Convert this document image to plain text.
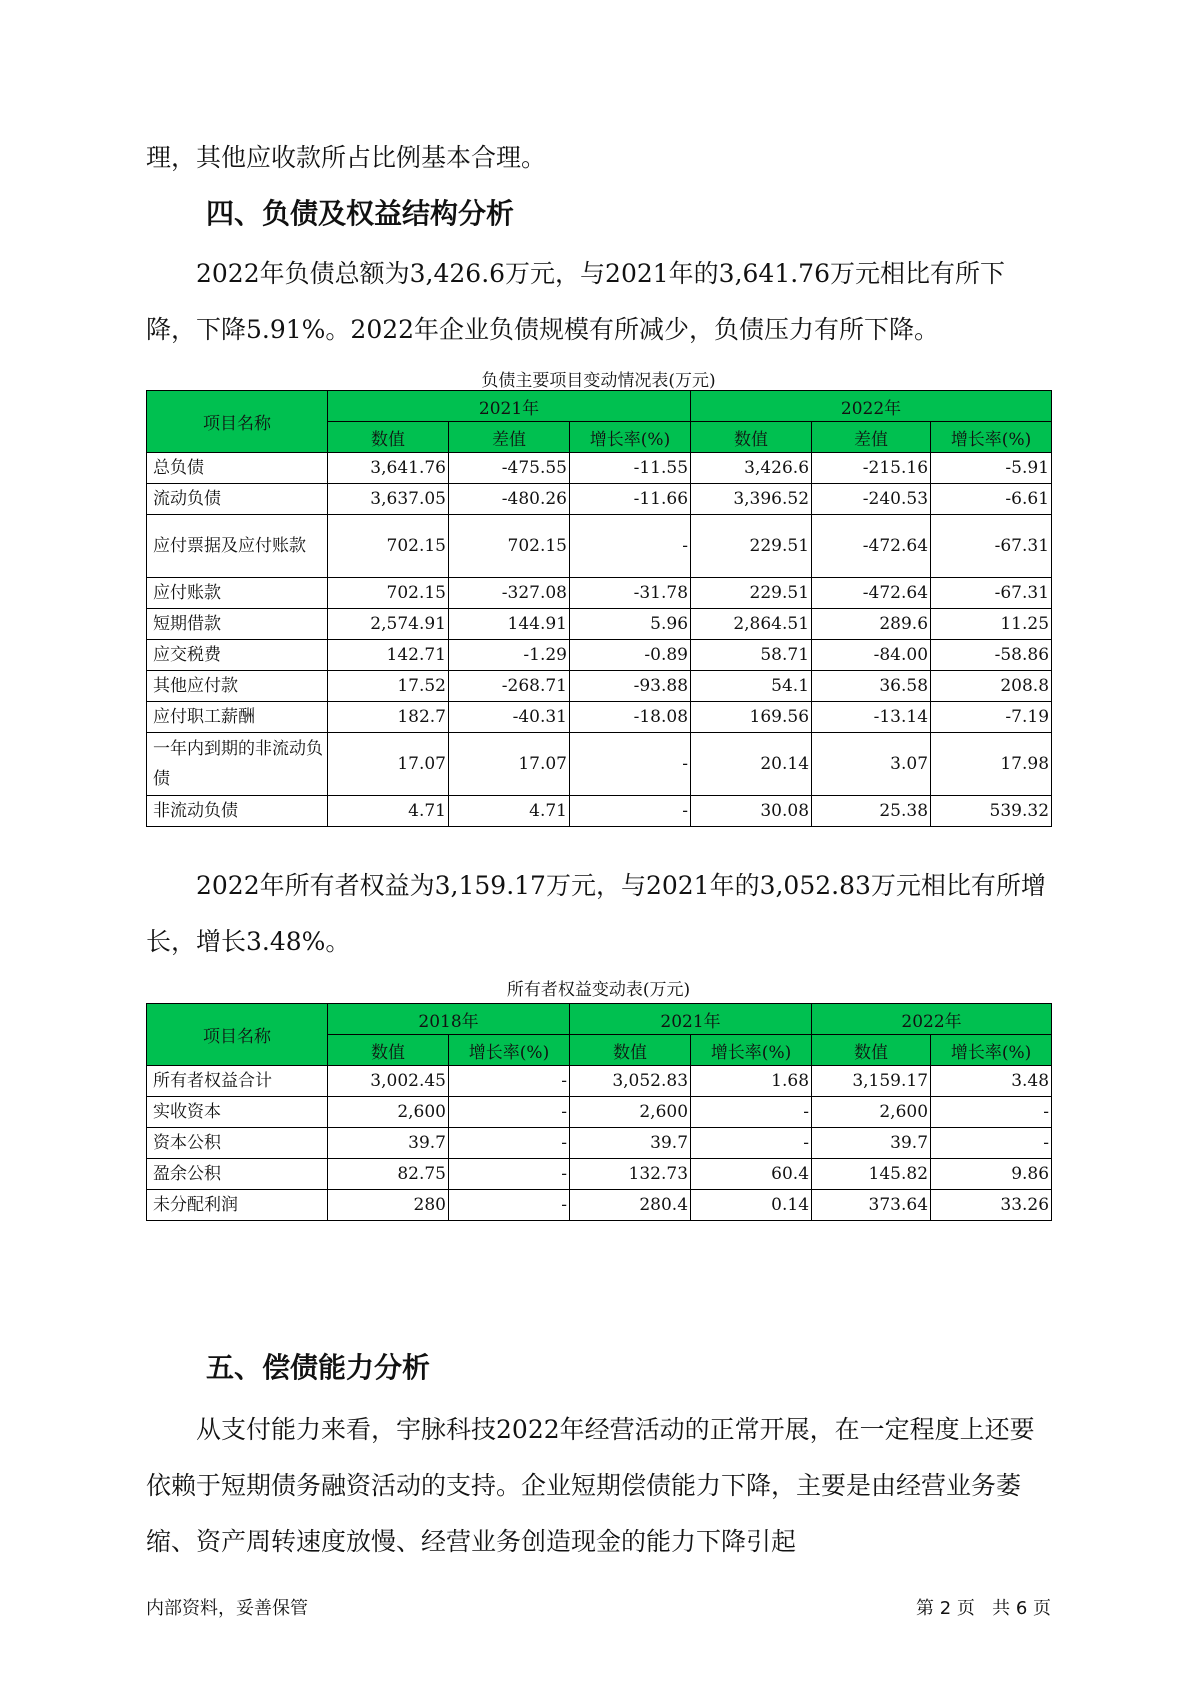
理，其他应收款所占比例基本合理。

四、负债及权益结构分析

2022年负债总额为3,426.6万元，与2021年的3,641.76万元相比有所下降，下降5.91%。2022年企业负债规模有所减少，负债压力有所下降。

负债主要项目变动情况表(万元)
项目名称	2021年			2022年		
	数值	差值	增长率(%)	数值	差值	增长率(%)
总负债	3,641.76	-475.55	-11.55	3,426.6	-215.16	-5.91
流动负债	3,637.05	-480.26	-11.66	3,396.52	-240.53	-6.61
应付票据及应付账款	702.15	702.15	-	229.51	-472.64	-67.31
应付账款	702.15	-327.08	-31.78	229.51	-472.64	-67.31
短期借款	2,574.91	144.91	5.96	2,864.51	289.6	11.25
应交税费	142.71	-1.29	-0.89	58.71	-84.00	-58.86
其他应付款	17.52	-268.71	-93.88	54.1	36.58	208.8
应付职工薪酬	182.7	-40.31	-18.08	169.56	-13.14	-7.19
一年内到期的非流动负债	17.07	17.07	-	20.14	3.07	17.98
非流动负债	4.71	4.71	-	30.08	25.38	539.32

2022年所有者权益为3,159.17万元，与2021年的3,052.83万元相比有所增长，增长3.48%。

所有者权益变动表(万元)
项目名称	2018年		2021年		2022年	
	数值	增长率(%)	数值	增长率(%)	数值	增长率(%)
所有者权益合计	3,002.45	-	3,052.83	1.68	3,159.17	3.48
实收资本	2,600	-	2,600	-	2,600	-
资本公积	39.7	-	39.7	-	39.7	-
盈余公积	82.75	-	132.73	60.4	145.82	9.86
未分配利润	280	-	280.4	0.14	373.64	33.26
五、偿债能力分析

从支付能力来看，宇脉科技2022年经营活动的正常开展，在一定程度上还要依赖于短期债务融资活动的支持。企业短期偿债能力下降，主要是由经营业务萎缩、资产周转速度放慢、经营业务创造现金的能力下降引起

内部资料，妥善保管	第 2 页   共 6 页
